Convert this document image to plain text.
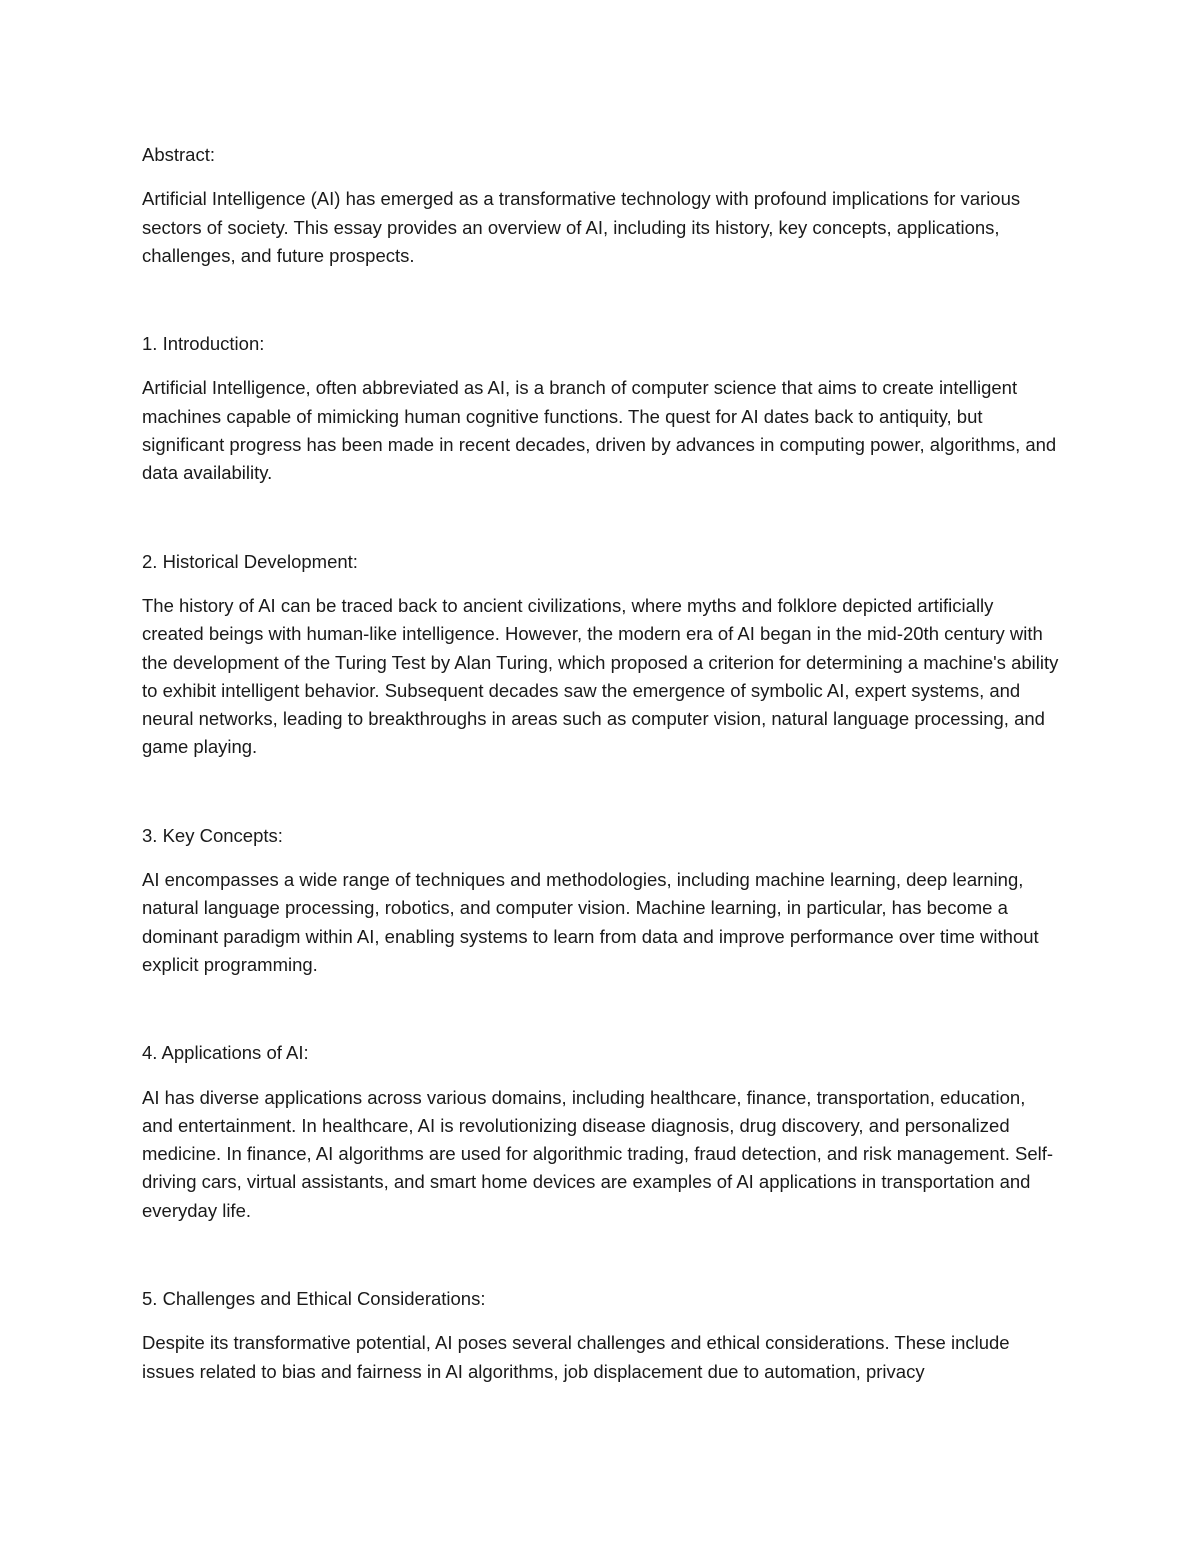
Abstract:

Artificial Intelligence (AI) has emerged as a transformative technology with profound implications for various sectors of society. This essay provides an overview of AI, including its history, key concepts, applications, challenges, and future prospects.

1. Introduction:

Artificial Intelligence, often abbreviated as AI, is a branch of computer science that aims to create intelligent machines capable of mimicking human cognitive functions. The quest for AI dates back to antiquity, but significant progress has been made in recent decades, driven by advances in computing power, algorithms, and data availability.

2. Historical Development:

The history of AI can be traced back to ancient civilizations, where myths and folklore depicted artificially created beings with human-like intelligence. However, the modern era of AI began in the mid-20th century with the development of the Turing Test by Alan Turing, which proposed a criterion for determining a machine's ability to exhibit intelligent behavior. Subsequent decades saw the emergence of symbolic AI, expert systems, and neural networks, leading to breakthroughs in areas such as computer vision, natural language processing, and game playing.

3. Key Concepts:

AI encompasses a wide range of techniques and methodologies, including machine learning, deep learning, natural language processing, robotics, and computer vision. Machine learning, in particular, has become a dominant paradigm within AI, enabling systems to learn from data and improve performance over time without explicit programming.

4. Applications of AI:

AI has diverse applications across various domains, including healthcare, finance, transportation, education, and entertainment. In healthcare, AI is revolutionizing disease diagnosis, drug discovery, and personalized medicine. In finance, AI algorithms are used for algorithmic trading, fraud detection, and risk management. Self-driving cars, virtual assistants, and smart home devices are examples of AI applications in transportation and everyday life.

5. Challenges and Ethical Considerations:

Despite its transformative potential, AI poses several challenges and ethical considerations. These include issues related to bias and fairness in AI algorithms, job displacement due to automation, privacy
